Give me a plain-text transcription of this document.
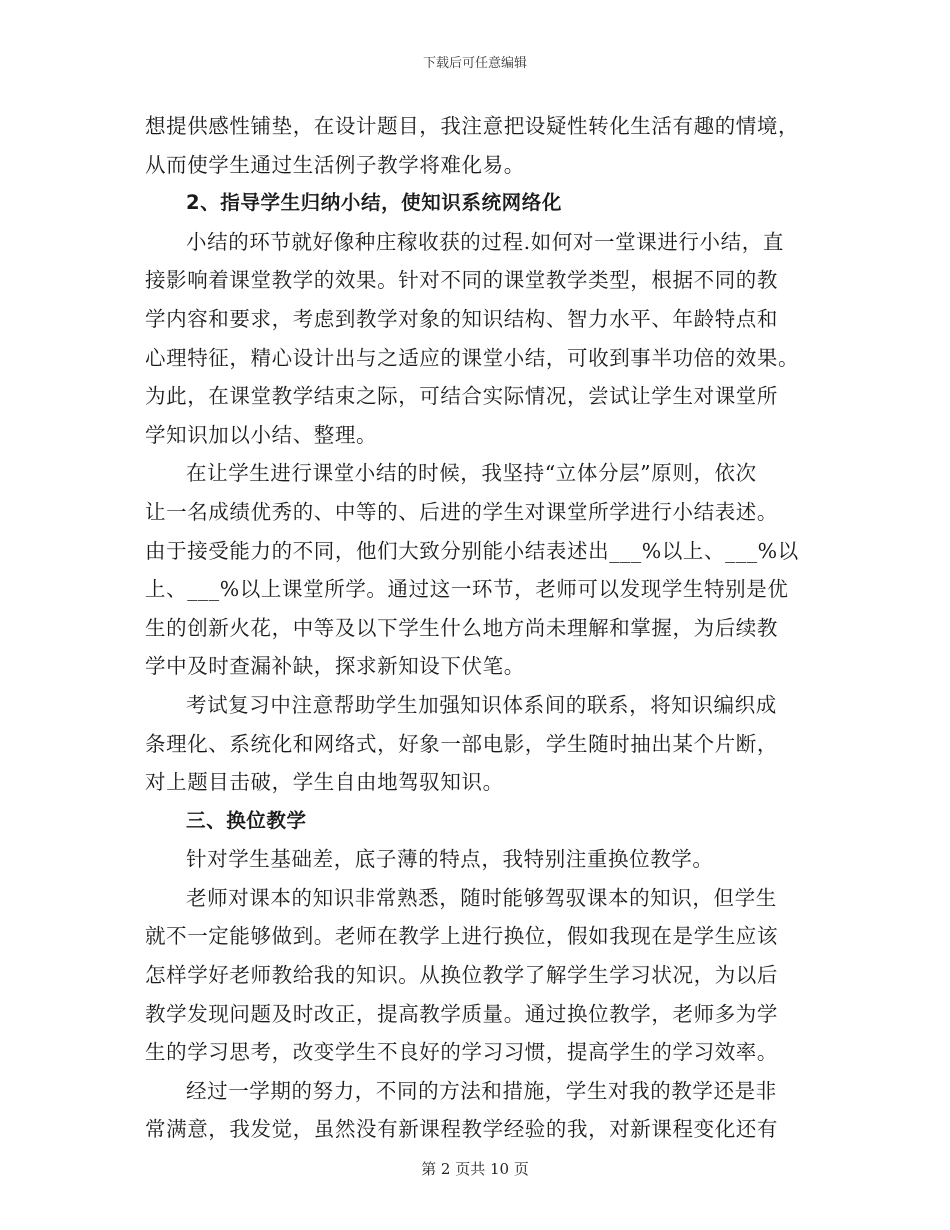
下载后可任意编辑
想提供感性铺垫，在设计题目，我注意把设疑性转化生活有趣的情境，
从而使学生通过生活例子教学将难化易。
2、指导学生归纳小结，使知识系统网络化
小结的环节就好像种庄稼收获的过程.如何对一堂课进行小结，直
接影响着课堂教学的效果。针对不同的课堂教学类型，根据不同的教
学内容和要求，考虑到教学对象的知识结构、智力水平、年龄特点和
心理特征，精心设计出与之适应的课堂小结，可收到事半功倍的效果。
为此，在课堂教学结束之际，可结合实际情况，尝试让学生对课堂所
学知识加以小结、整理。
在让学生进行课堂小结的时候，我坚持“立体分层”原则，依次
让一名成绩优秀的、中等的、后进的学生对课堂所学进行小结表述。
由于接受能力的不同，他们大致分别能小结表述出___%以上、___%以
上、___%以上课堂所学。通过这一环节，老师可以发现学生特别是优
生的创新火花，中等及以下学生什么地方尚未理解和掌握，为后续教
学中及时查漏补缺，探求新知设下伏笔。
考试复习中注意帮助学生加强知识体系间的联系，将知识编织成
条理化、系统化和网络式，好象一部电影，学生随时抽出某个片断，
对上题目击破，学生自由地驾驭知识。
三、换位教学
针对学生基础差，底子薄的特点，我特别注重换位教学。
老师对课本的知识非常熟悉，随时能够驾驭课本的知识，但学生
就不一定能够做到。老师在教学上进行换位，假如我现在是学生应该
怎样学好老师教给我的知识。从换位教学了解学生学习状况，为以后
教学发现问题及时改正，提高教学质量。通过换位教学，老师多为学
生的学习思考，改变学生不良好的学习习惯，提高学生的学习效率。
经过一学期的努力，不同的方法和措施，学生对我的教学还是非
常满意，我发觉，虽然没有新课程教学经验的我，对新课程变化还有
第 2 页共 10 页
